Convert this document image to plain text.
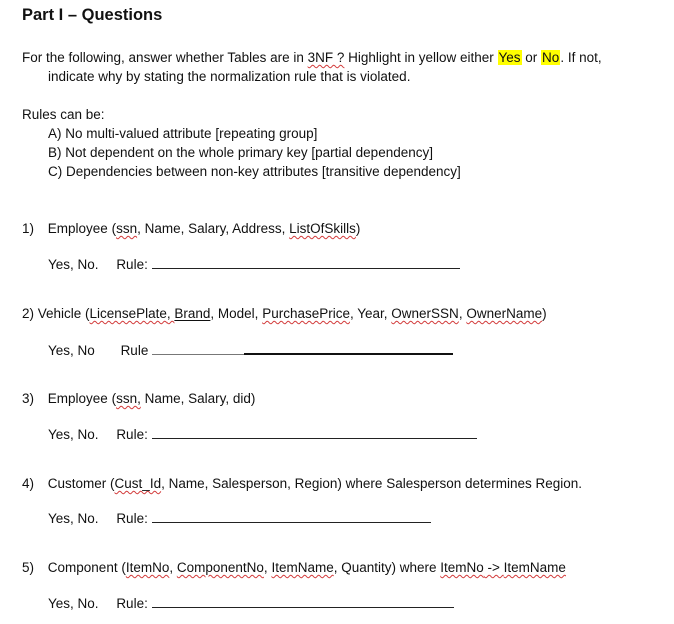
Part I – Questions
For the following, answer whether Tables are in 3NF ? Highlight in yellow either Yes or No. If not,
indicate why by stating the normalization rule that is violated.
Rules can be:
A) No multi-valued attribute [repeating group]
B) Not dependent on the whole primary key [partial dependency]
C) Dependencies between non-key attributes [transitive dependency]
1) Employee (ssn, Name, Salary, Address, ListOfSkills)
Yes, No. Rule:
2) Vehicle (LicensePlate, Brand, Model, PurchasePrice, Year, OwnerSSN, OwnerName)
Yes, No Rule
3) Employee (ssn, Name, Salary, did)
Yes, No. Rule:
4) Customer (Cust_Id, Name, Salesperson, Region) where Salesperson determines Region.
Yes, No. Rule:
5) Component (ItemNo, ComponentNo, ItemName, Quantity) where ItemNo -> ItemName
Yes, No. Rule:
